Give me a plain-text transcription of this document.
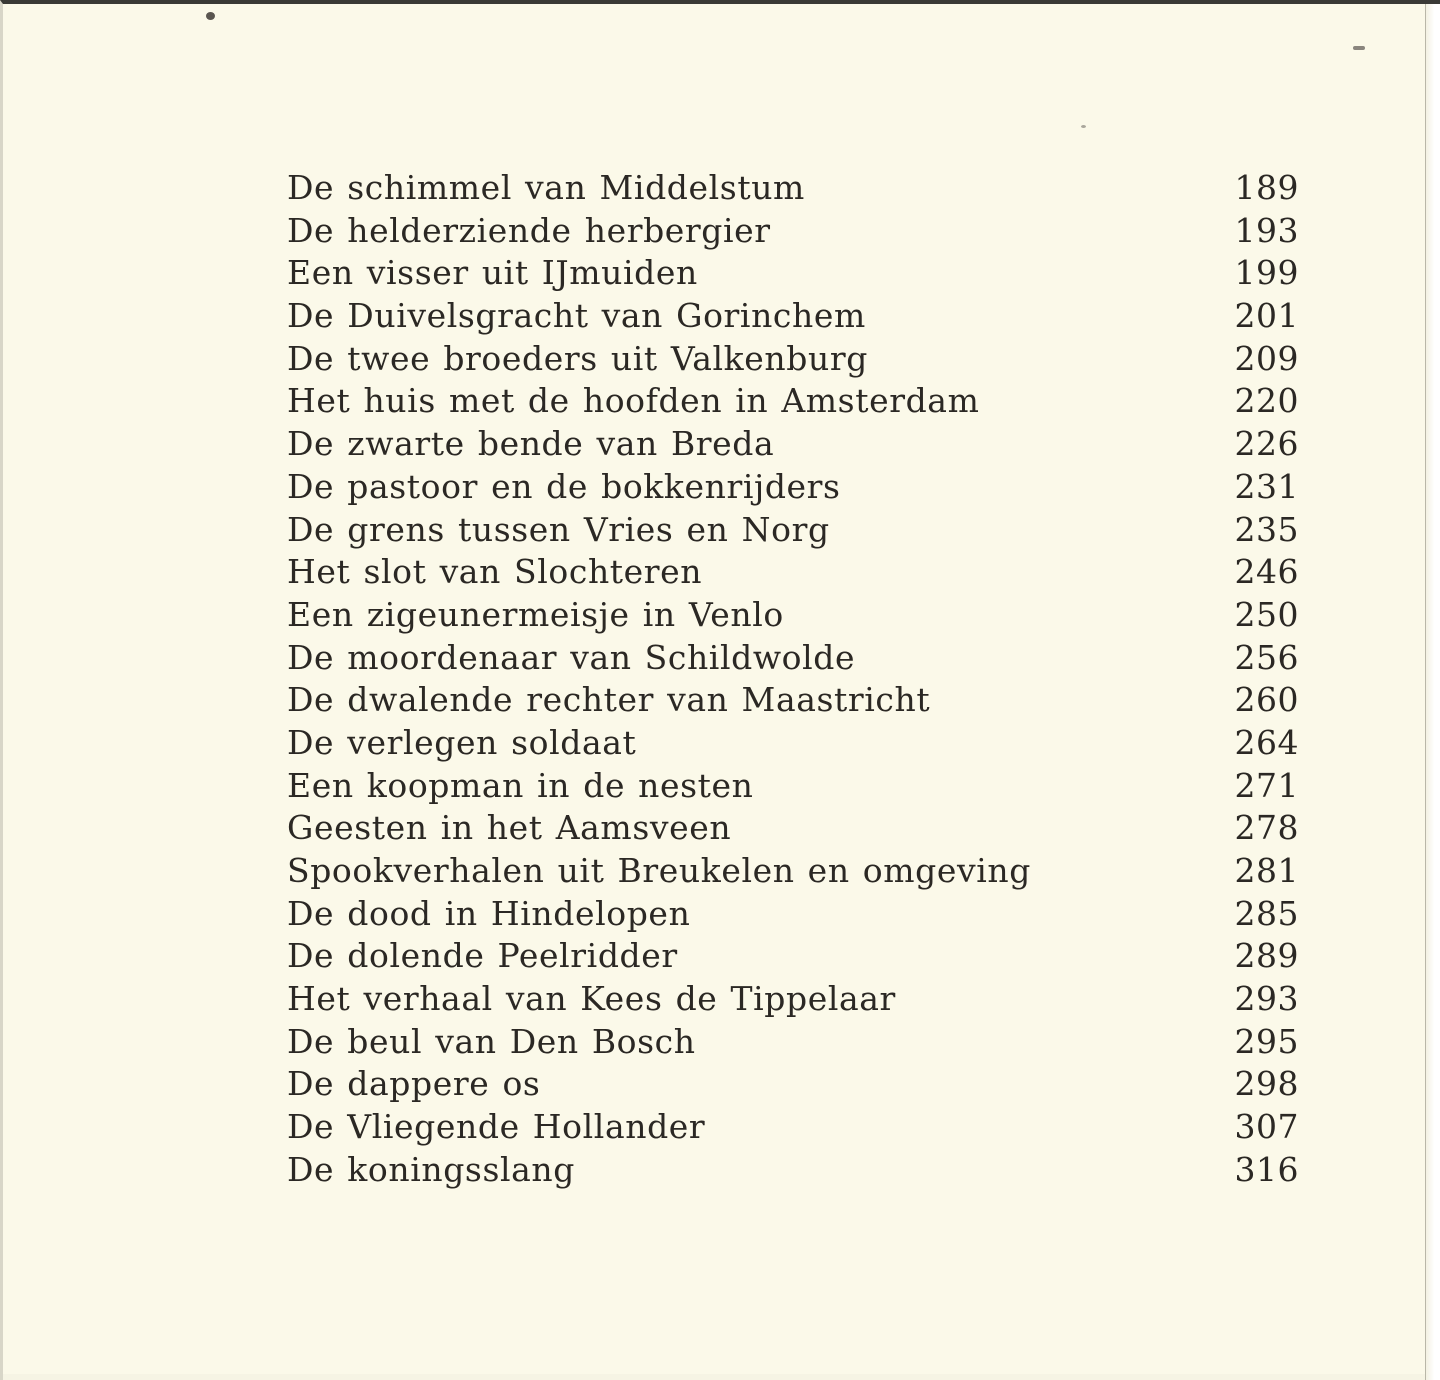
De schimmel van Middelstum	189
De helderziende herbergier	193
Een visser uit IJmuiden	199
De Duivelsgracht van Gorinchem	201
De twee broeders uit Valkenburg	209
Het huis met de hoofden in Amsterdam	220
De zwarte bende van Breda	226
De pastoor en de bokkenrijders	231
De grens tussen Vries en Norg	235
Het slot van Slochteren	246
Een zigeunermeisje in Venlo	250
De moordenaar van Schildwolde	256
De dwalende rechter van Maastricht	260
De verlegen soldaat	264
Een koopman in de nesten	271
Geesten in het Aamsveen	278
Spookverhalen uit Breukelen en omgeving	281
De dood in Hindelopen	285
De dolende Peelridder	289
Het verhaal van Kees de Tippelaar	293
De beul van Den Bosch	295
De dappere os	298
De Vliegende Hollander	307
De koningsslang	316
